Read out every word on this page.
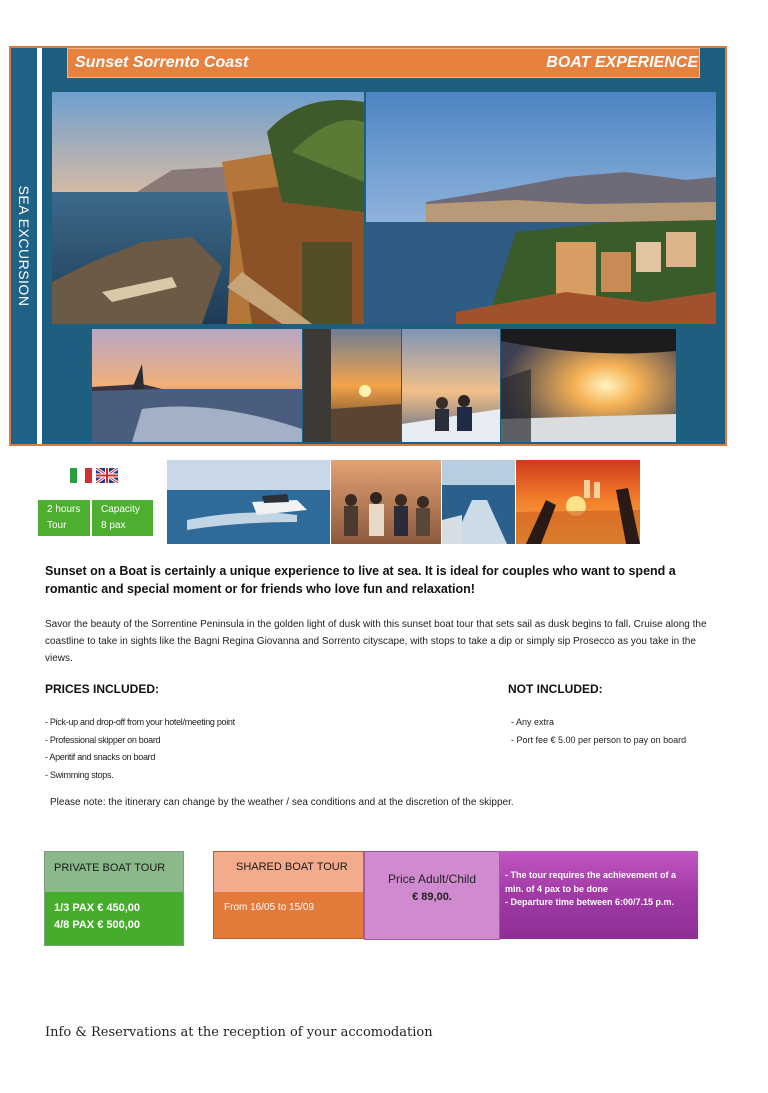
SEA EXCURSION
Sunset Sorrento Coast	BOAT EXPERIENCE
2 hours
Tour
Capacity
8 pax
Sunset on a Boat is certainly a unique experience to live at sea. It is ideal for couples who want to spend a romantic and special moment or for friends who love fun and relaxation!
Savor the beauty of the Sorrentine Peninsula in the golden light of dusk with this sunset boat tour that sets sail as dusk begins to fall. Cruise along the coastline to take in sights like the Bagni Regina Giovanna and Sorrento cityscape, with stops to take a dip or simply sip Prosecco as you take in the views.
PRICES INCLUDED:	NOT INCLUDED:
- Pick-up and drop-off from your hotel/meeting point
- Professional skipper on board
- Aperitif and snacks on board
- Swimming stops.
- Any extra
- Port fee € 5.00 per person to pay on board
Please note: the itinerary can change by the weather / sea conditions and at the discretion of the skipper.
PRIVATE BOAT TOUR
1/3 PAX € 450,00
4/8 PAX € 500,00
SHARED BOAT TOUR
From 16/05 to 15/09
Price Adult/Child
€ 89,00.
- The tour requires the achievement of a min. of 4 pax to be done
- Departure time between 6:00/7.15 p.m.
Info & Reservations at the reception of your accomodation
